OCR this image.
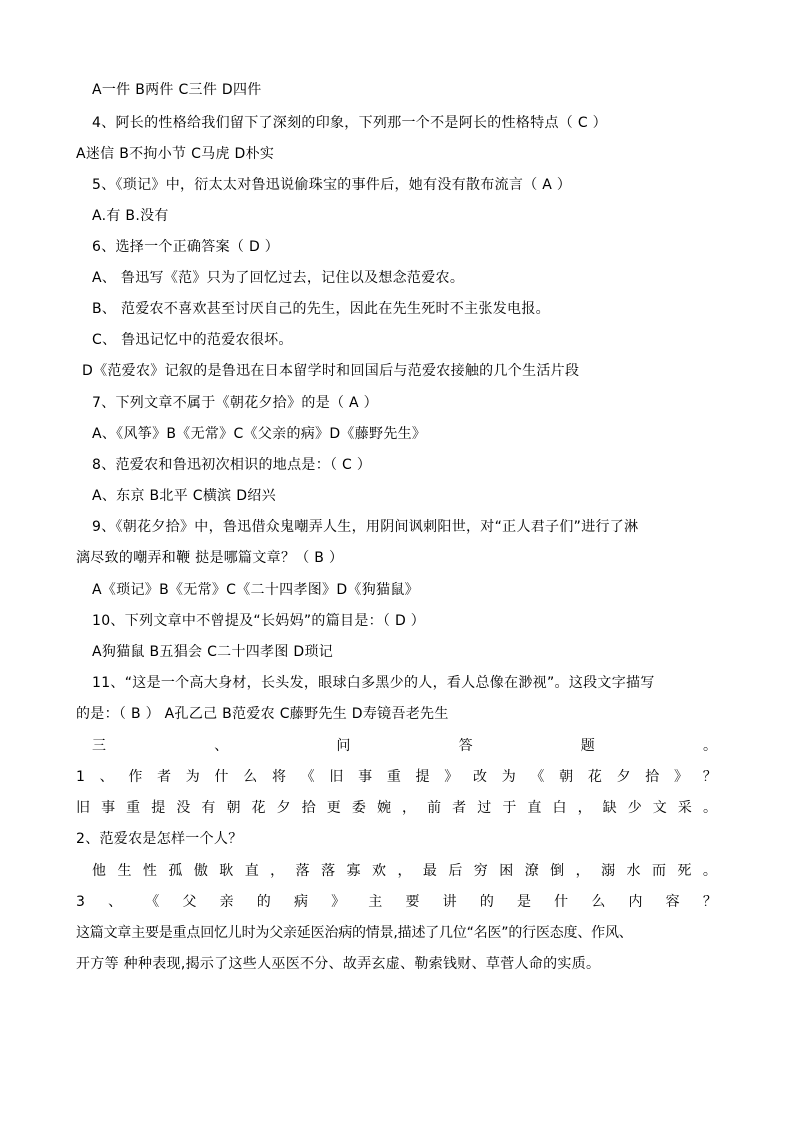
A一件 B两件 C三件 D四件
4、阿长的性格给我们留下了深刻的印象，下列那一个不是阿长的性格特点（ C ）
A迷信 B不拘小节 C马虎 D朴实
5、《琐记》中，衍太太对鲁迅说偷珠宝的事件后，她有没有散布流言（ A ）
A.有 B.没有
6、选择一个正确答案（ D ）
A、 鲁迅写《范》只为了回忆过去，记住以及想念范爱农。
B、 范爱农不喜欢甚至讨厌自己的先生，因此在先生死时不主张发电报。
C、 鲁迅记忆中的范爱农很坏。
D《范爱农》记叙的是鲁迅在日本留学时和回国后与范爱农接触的几个生活片段
7、下列文章不属于《朝花夕拾》的是（ A ）
A、《风筝》B《无常》C《父亲的病》D《藤野先生》
8、范爱农和鲁迅初次相识的地点是：（ C ）
A、东京 B北平 C横滨 D绍兴
9、《朝花夕拾》中，鲁迅借众鬼嘲弄人生，用阴间讽刺阳世，对“正人君子们”进行了淋
漓尽致的嘲弄和鞭 挞是哪篇文章？（ B ）
A《琐记》B《无常》C《二十四孝图》D《狗猫鼠》
10、下列文章中不曾提及“长妈妈”的篇目是：（ D ）
A狗猫鼠 B五猖会 C二十四孝图 D琐记
11、“这是一个高大身材，长头发，眼球白多黑少的人，看人总像在渺视”。这段文字描写
的是：（ B ） A孔乙己 B范爱农 C藤野先生 D寿镜吾老先生
三	、	问	答	题	。
1 、 作 者 为 什 么 将 《 旧 事 重 提 》 改 为 《 朝 花 夕 拾 》 ？
旧 事 重 提 没 有 朝 花 夕 拾 更 委 婉 ， 前 者 过 于 直 白 ， 缺 少 文 采 。
2、范爱农是怎样一个人？
他 生 性 孤 傲 耿 直 ， 落 落 寡 欢 ， 最 后 穷 困 潦 倒 ， 溺 水 而 死 。
3 、 《 父 亲 的 病 》 主 要 讲 的 是 什 么 内 容 ？
这篇文章主要是重点回忆儿时为父亲延医治病的情景,描述了几位“名医”的行医态度、作风、
开方等 种种表现,揭示了这些人巫医不分、故弄玄虚、勒索钱财、草菅人命的实质。
